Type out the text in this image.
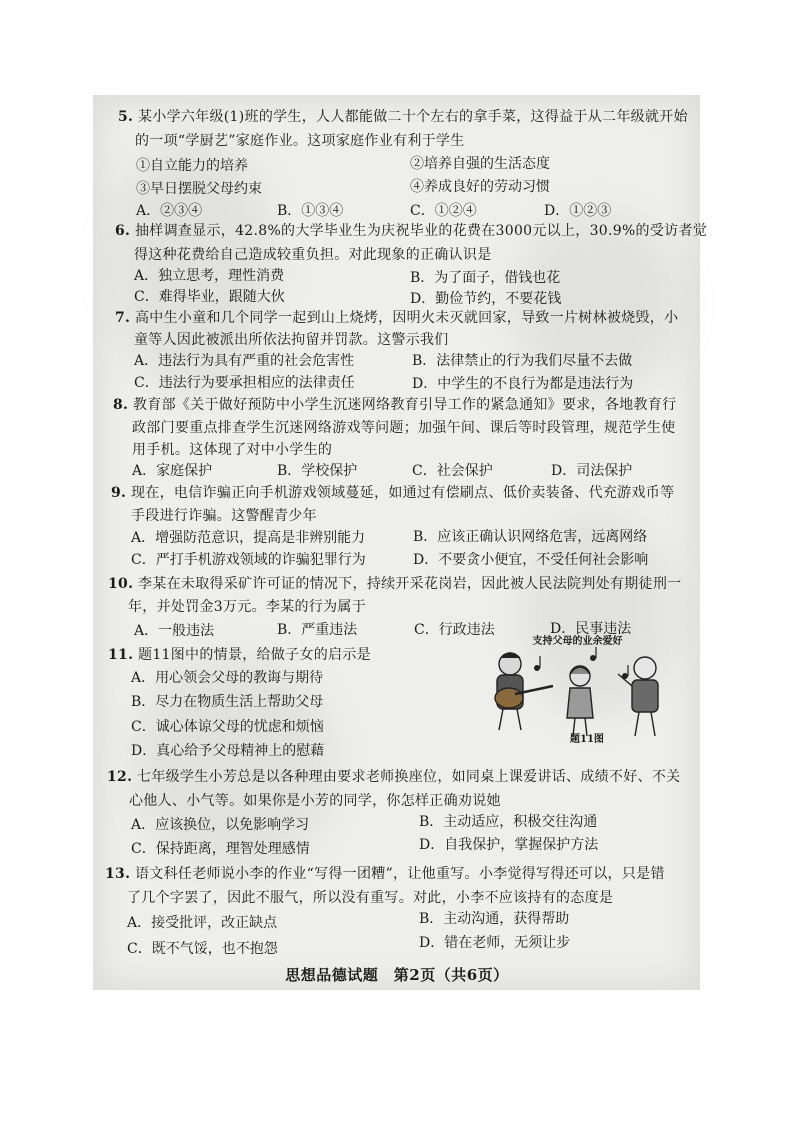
5. 某小学六年级(1)班的学生，人人都能做二十个左右的拿手菜，这得益于从二年级就开始
的一项“学厨艺”家庭作业。这项家庭作业有利于学生
①自立能力的培养	②培养自强的生活态度
③早日摆脱父母约束	④养成良好的劳动习惯
A．②③④	B．①③④	C．①②④	D．①②③
6. 抽样调查显示，42.8%的大学毕业生为庆祝毕业的花费在3000元以上，30.9%的受访者觉
得这种花费给自己造成较重负担。对此现象的正确认识是
A．独立思考，理性消费	B．为了面子，借钱也花
C．难得毕业，跟随大伙	D．勤俭节约，不要花钱
7. 高中生小童和几个同学一起到山上烧烤，因明火未灭就回家，导致一片树林被烧毁，小
童等人因此被派出所依法拘留并罚款。这警示我们
A．违法行为具有严重的社会危害性	B．法律禁止的行为我们尽量不去做
C．违法行为要承担相应的法律责任	D．中学生的不良行为都是违法行为
8. 教育部《关于做好预防中小学生沉迷网络教育引导工作的紧急通知》要求，各地教育行
政部门要重点排查学生沉迷网络游戏等问题；加强午间、课后等时段管理，规范学生使
用手机。这体现了对中小学生的
A．家庭保护	B．学校保护	C．社会保护	D．司法保护
9. 现在，电信诈骗正向手机游戏领域蔓延，如通过有偿刷点、低价卖装备、代充游戏币等
手段进行诈骗。这警醒青少年
A．增强防范意识，提高是非辨别能力	B．应该正确认识网络危害，远离网络
C．严打手机游戏领域的诈骗犯罪行为	D．不要贪小便宜，不受任何社会影响
10. 李某在未取得采矿许可证的情况下，持续开采花岗岩，因此被人民法院判处有期徒刑一
年，并处罚金3万元。李某的行为属于
A．一般违法	B．严重违法	C．行政违法	D．民事违法
11. 题11图中的情景，给做子女的启示是
A．用心领会父母的教诲与期待
B．尽力在物质生活上帮助父母
C．诚心体谅父母的忧虑和烦恼
D．真心给予父母精神上的慰藉
支持父母的业余爱好
题11图
12. 七年级学生小芳总是以各种理由要求老师换座位，如同桌上课爱讲话、成绩不好、不关
心他人、小气等。如果你是小芳的同学，你怎样正确劝说她
A．应该换位，以免影响学习	B．主动适应，积极交往沟通
C．保持距离，理智处理感情	D．自我保护，掌握保护方法
13. 语文科任老师说小李的作业“写得一团糟”，让他重写。小李觉得写得还可以，只是错
了几个字罢了，因此不服气，所以没有重写。对此，小李不应该持有的态度是
A．接受批评，改正缺点	B．主动沟通，获得帮助
C．既不气馁，也不抱怨	D．错在老师，无须让步
思想品德试题　第2页（共6页）
